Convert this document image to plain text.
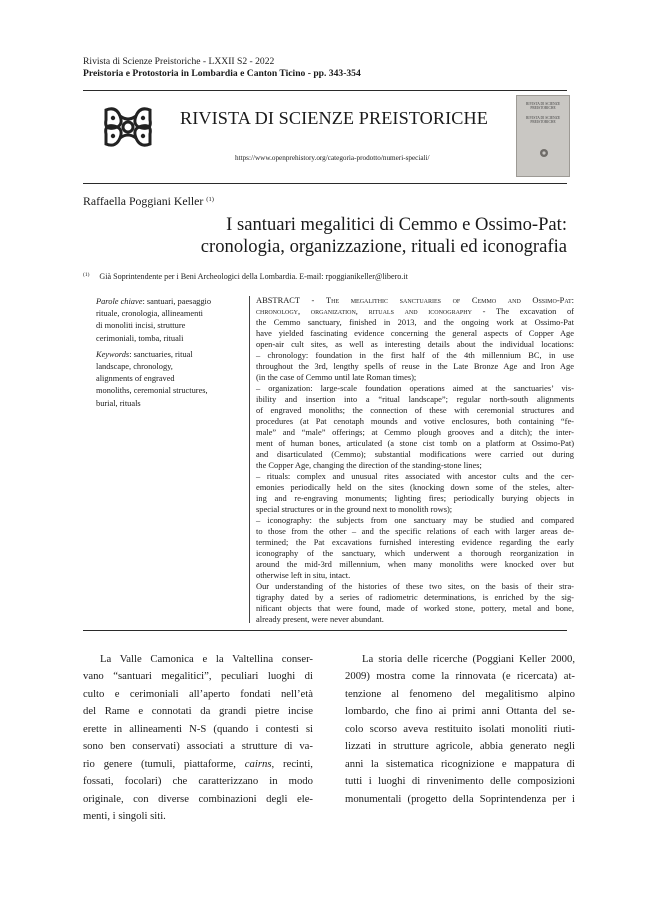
Rivista di Scienze Preistoriche - LXXII S2 - 2022
Preistoria e Protostoria in Lombardia e Canton Ticino - pp. 343-354
RIVISTA DI SCIENZE PREISTORICHE
https://www.openprehistory.org/categoria-prodotto/numeri-speciali/
RIVISTA DI SCIENZE PREISTORICHE
RIVISTA DI SCIENZE PREISTORICHE
Raffaella Poggiani Keller $^{(1)}$
I santuari megalitici di Cemmo e Ossimo-Pat:
cronologia, organizzazione, rituali ed iconografia
$^{(1)}$ Già Soprintendente per i Beni Archeologici della Lombardia. E-mail: rpoggianikeller@libero.it

Parole chiave: santuari, paesaggio
rituale, cronologia, allineamenti
di monoliti incisi, strutture
cerimoniali, tomba, rituali

Keywords: sanctuaries, ritual
landscape, chronology,
alignments of engraved
monoliths, ceremonial structures,
burial, rituals

ABSTRACT - The megalithic sanctuaries of Cemmo and Ossimo-Pat:
chronology, organization, rituals and iconography - The excavation of
the Cemmo sanctuary, finished in 2013, and the ongoing work at Ossimo-Pat
have yielded fascinating evidence concerning the general aspects of Copper Age
open-air cult sites, as well as interesting details about the individual locations:
– chronology: foundation in the first half of the 4th millennium BC, in use
throughout the 3rd, lengthy spells of reuse in the Late Bronze Age and Iron Age
(in the case of Cemmo until late Roman times);
– organization: large-scale foundation operations aimed at the sanctuaries’ vis-
ibility and insertion into a “ritual landscape”; regular north-south alignments
of engraved monoliths; the connection of these with ceremonial structures and
procedures (at Pat cenotaph mounds and votive enclosures, both containing “fe-
male” and “male” offerings; at Cemmo plough grooves and a ditch); the inter-
ment of human bones, articulated (a stone cist tomb on a platform at Ossimo-Pat)
and disarticulated (Cemmo); substantial modifications were carried out during
the Copper Age, changing the direction of the standing-stone lines;
– rituals: complex and unusual rites associated with ancestor cults and the cer-
emonies periodically held on the sites (knocking down some of the steles, alter-
ing and re-engraving monuments; lighting fires; periodically burying objects in
special structures or in the ground next to monolith rows);
– iconography: the subjects from one sanctuary may be studied and compared
to those from the other – and the specific relations of each with larger areas de-
termined; the Pat excavations furnished interesting evidence regarding the early
iconography of the sanctuary, which underwent a thorough reorganization in
around the mid-3rd millennium, when many monoliths were knocked over but
otherwise left in situ, intact.
Our understanding of the histories of these two sites, on the basis of their stra-
tigraphy dated by a series of radiometric determinations, is enriched by the sig-
nificant objects that were found, made of worked stone, pottery, metal and bone,
already present, were never abundant.
La Valle Camonica e la Valtellina conser-
vano “santuari megalitici”, peculiari luoghi di
culto e cerimoniali all’aperto fondati nell’età
del Rame e connotati da grandi pietre incise
erette in allineamenti N-S (quando i contesti si
sono ben conservati) associati a strutture di va-
rio genere (tumuli, piattaforme, cairns, recinti,
fossati, focolari) che caratterizzano in modo
originale, con diverse combinazioni degli ele-
menti, i singoli siti.
La storia delle ricerche (Poggiani Keller 2000,
2009) mostra come la rinnovata (e ricercata) at-
tenzione al fenomeno del megalitismo alpino
lombardo, che fino ai primi anni Ottanta del se-
colo scorso aveva restituito isolati monoliti riuti-
lizzati in strutture agricole, abbia generato negli
anni la sistematica ricognizione e mappatura di
tutti i luoghi di rinvenimento delle composizioni
monumentali (progetto della Soprintendenza per i
